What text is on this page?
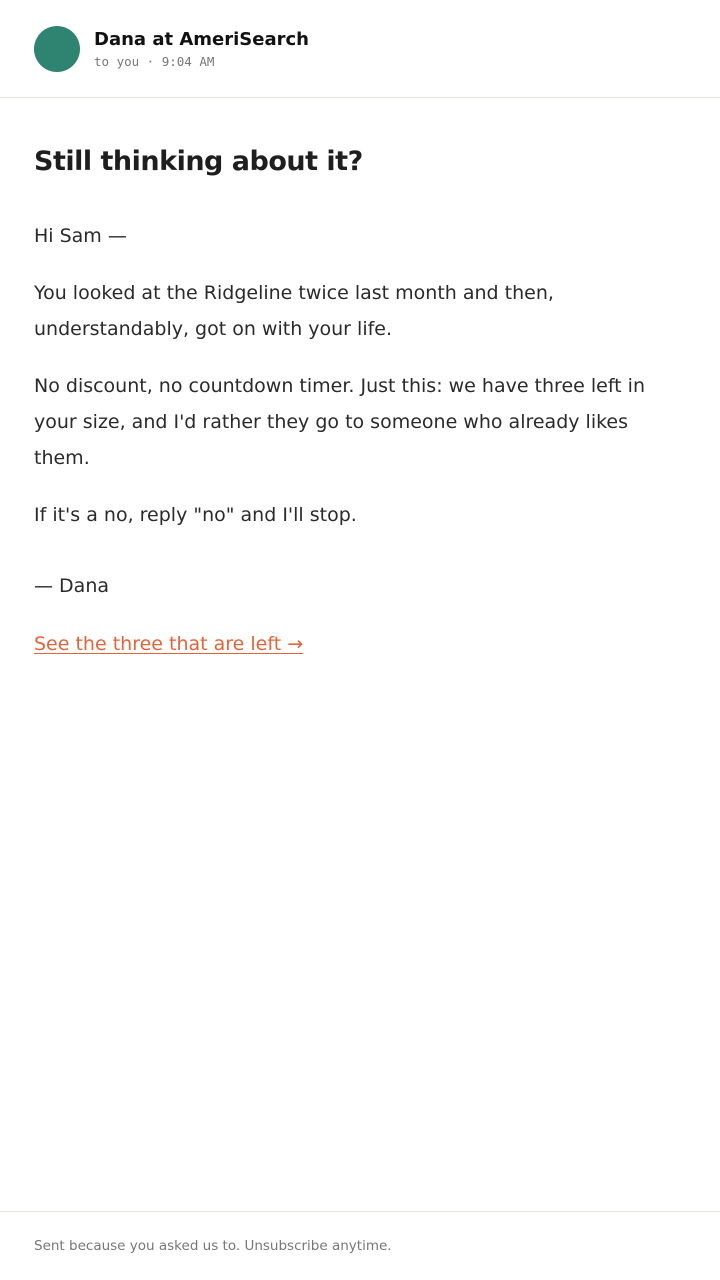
Dana at AmeriSearch
to you · 9:04 AM
Still thinking about it?

Hi Sam —

You looked at the Ridgeline twice last month and then, understandably, got on with your life.

No discount, no countdown timer. Just this: we have three left in your size, and I'd rather they go to someone who already likes them.

If it's a no, reply "no" and I'll stop.

— Dana

See the three that are left →
Sent because you asked us to. Unsubscribe anytime.
